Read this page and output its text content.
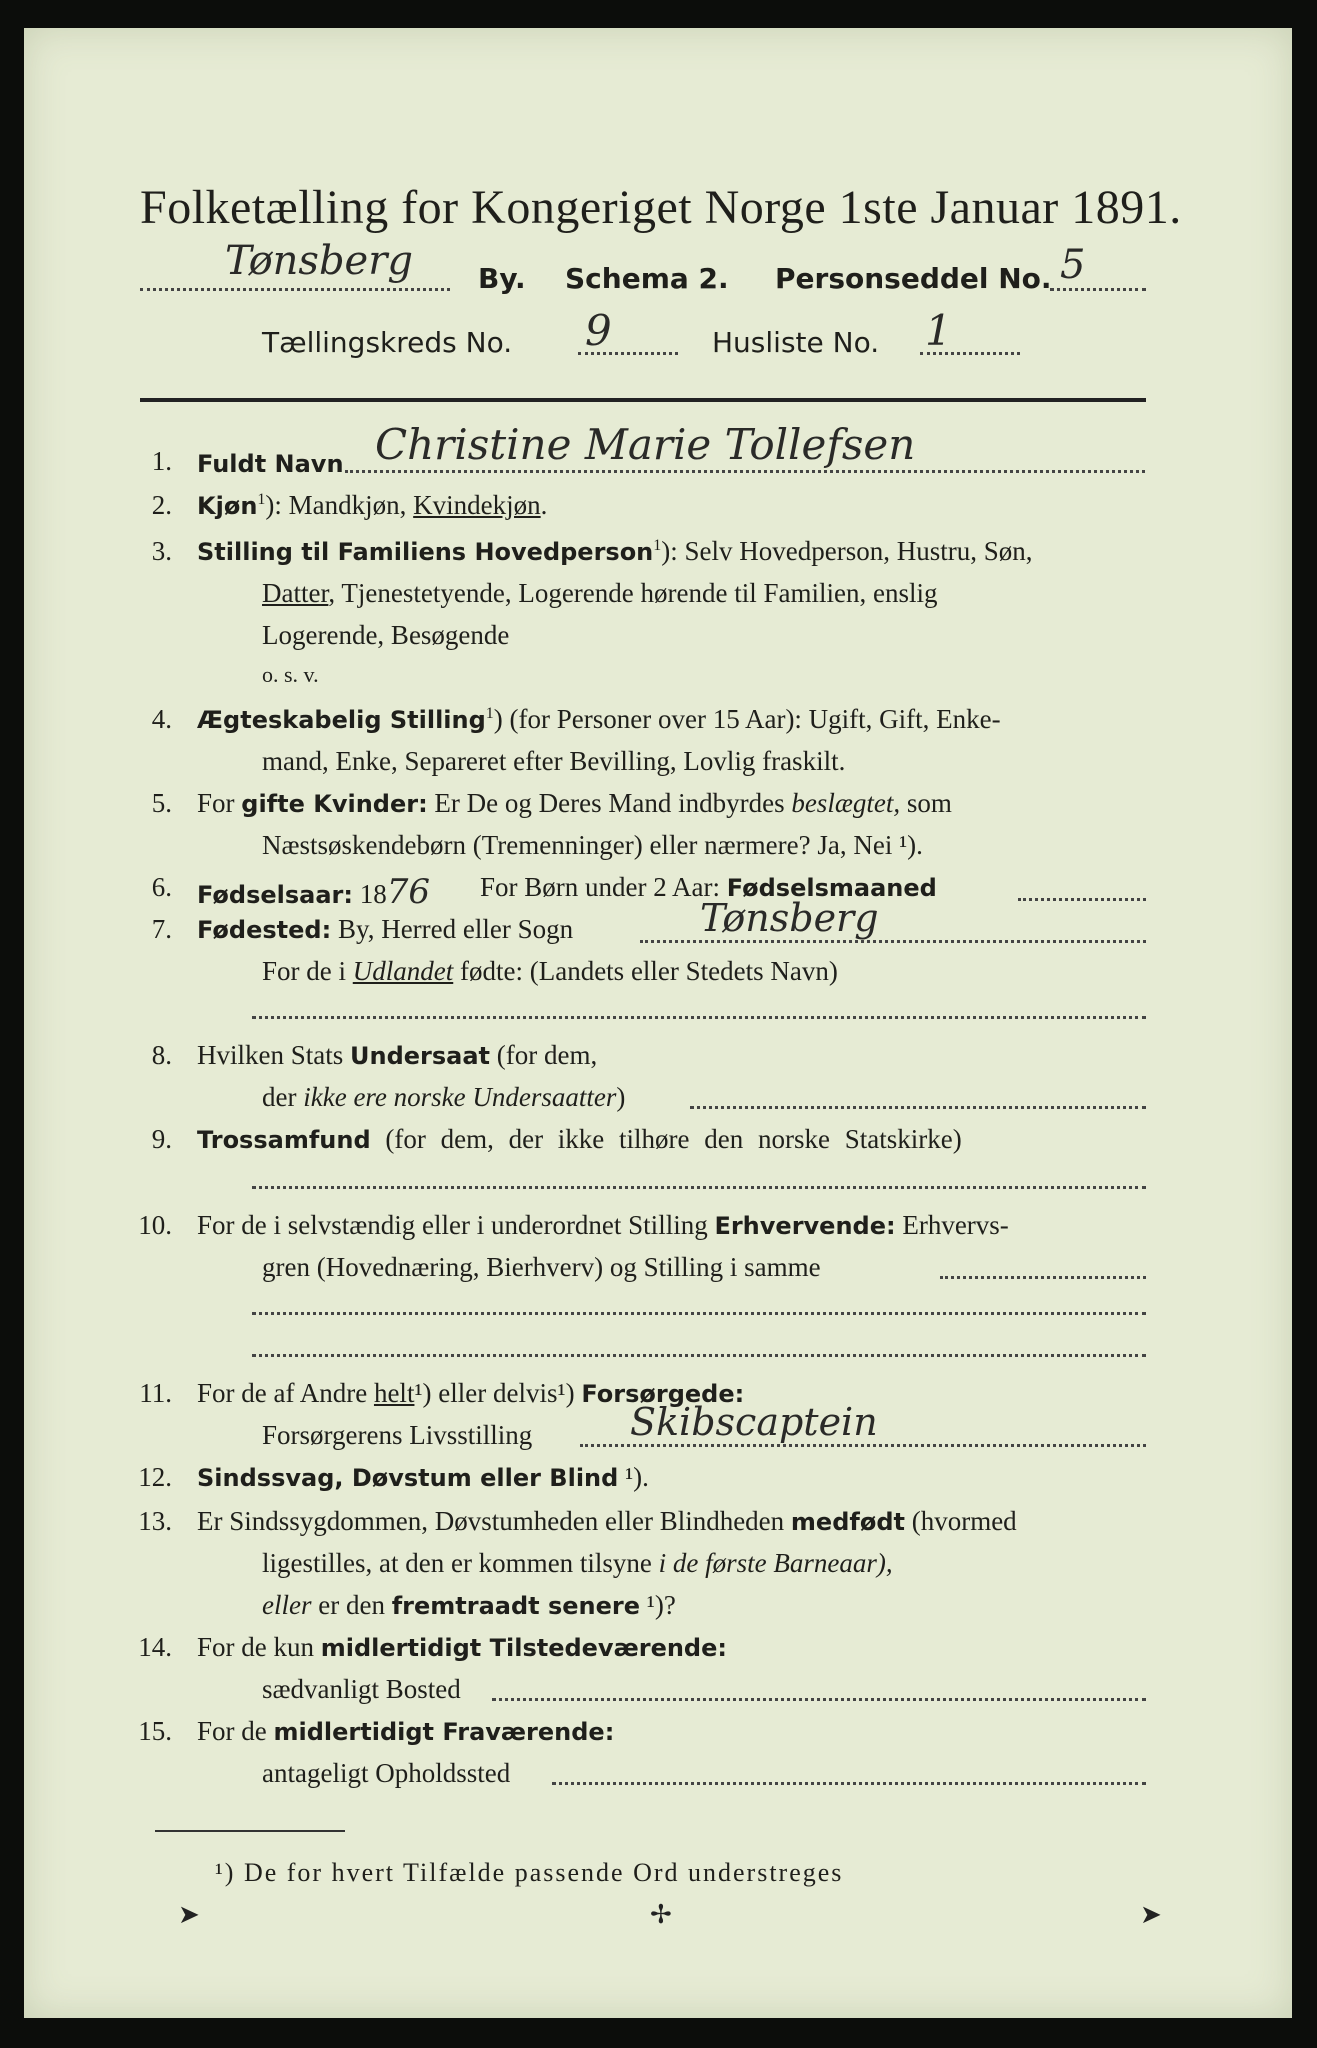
Folketælling for Kongeriget Norge 1ste Januar 1891.
Tønsberg By. Schema 2. Personseddel No. 5
Tællingskreds No. 9	Husliste No. 1
1. Fuldt Navn Christine Marie Tollefsen
2. Kjøn$^1$): Mandkjøn, Kvindekjøn.
3. Stilling til Familiens Hovedperson$^1$): Selv Hovedperson, Hustru, Søn,
Datter, Tjenestetyende, Logerende hørende til Familien, enslig
Logerende, Besøgende
o. s. v.
4. Ægteskabelig Stilling$^1$) (for Personer over 15 Aar): Ugift, Gift, Enke-
mand, Enke, Separeret efter Bevilling, Lovlig fraskilt.
5. For gifte Kvinder: Er De og Deres Mand indbyrdes beslægtet, som
Næstsøskendebørn (Tremenninger) eller nærmere? Ja, Nei ¹).
6. Fødselsaar: 1876 For Børn under 2 Aar: Fødselsmaaned
7. Fødested: By, Herred eller Sogn	Tønsberg
For de i Udlandet fødte: (Landets eller Stedets Navn)
8. Hvilken Stats Undersaat (for dem,
der ikke ere norske Undersaatter)
9. Trossamfund (for dem, der ikke tilhøre den norske Statskirke)
10. For de i selvstændig eller i underordnet Stilling Erhvervende: Erhvervs-
gren (Hovednæring, Bierhverv) og Stilling i samme
11. For de af Andre helt¹) eller delvis¹) Forsørgede:
Forsørgerens Livsstilling	Skibscaptein
12. Sindssvag, Døvstum eller Blind ¹).
13. Er Sindssygdommen, Døvstumheden eller Blindheden medfødt (hvormed
ligestilles, at den er kommen tilsyne i de første Barneaar),
eller er den fremtraadt senere ¹)?
14. For de kun midlertidigt Tilstedeværende:
sædvanligt Bosted
15. For de midlertidigt Fraværende:
antageligt Opholdssted
¹) De for hvert Tilfælde passende Ord understreges
➤	✢	➤
